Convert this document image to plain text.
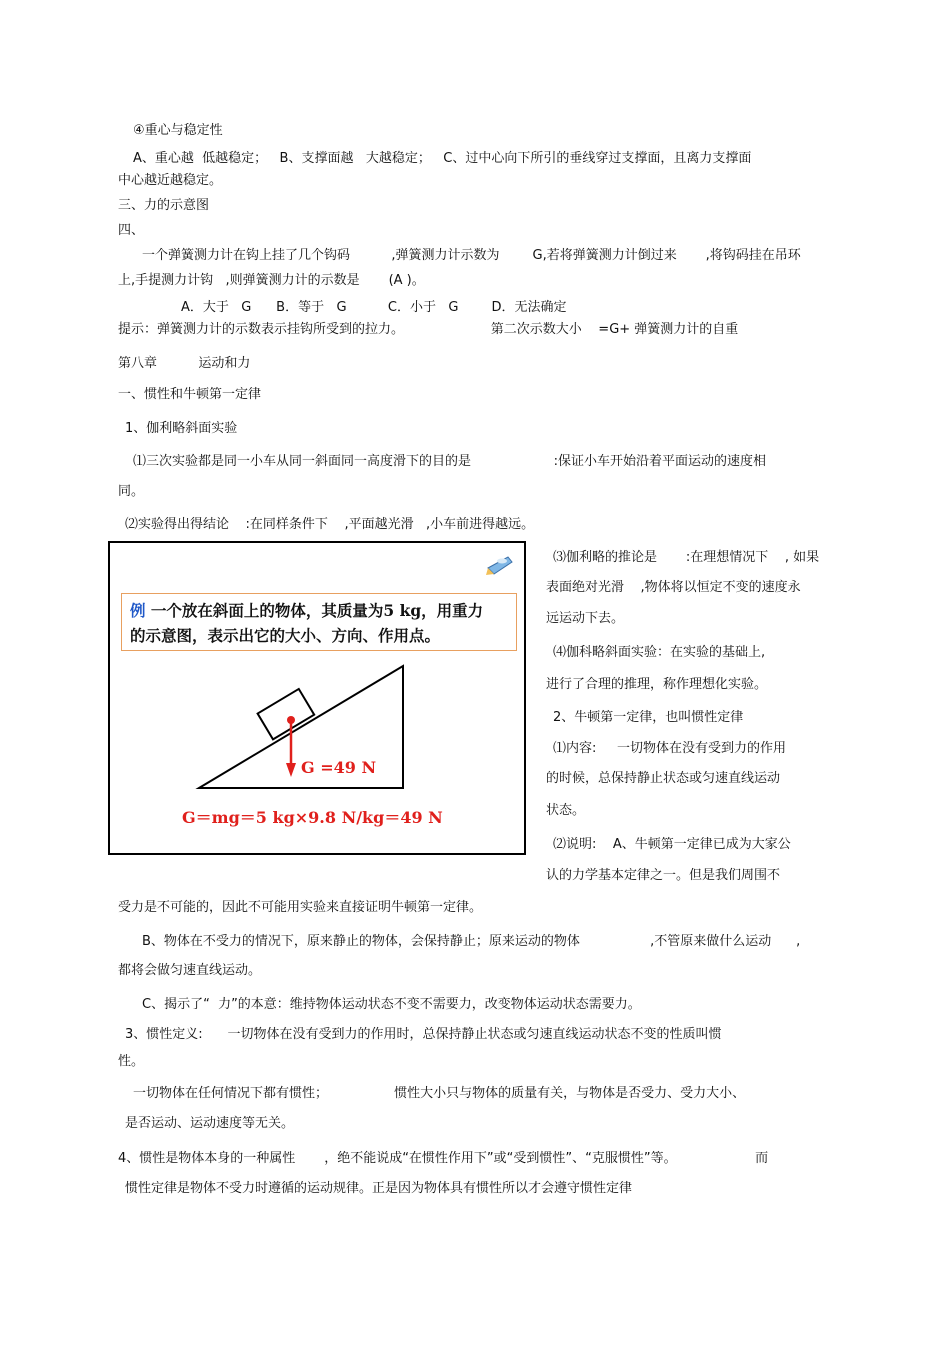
④重心与稳定性
A、重心越  低越稳定；   B、支撑面越   大越稳定；   C、过中心向下所引的垂线穿过支撑面，且离力支撑面
中心越近越稳定。
三、力的示意图
四、
一个弹簧测力计在钩上挂了几个钩码          ,弹簧测力计示数为        G,若将弹簧测力计倒过来       ,将钩码挂在吊环
上,手提测力计钩   ,则弹簧测力计的示数是       (A )。
A．大于   G      B．等于   G          C．小于   G        D．无法确定
提示：弹簧测力计的示数表示挂钩所受到的拉力。                     第二次示数大小    =G+ 弹簧测力计的自重
第八章          运动和力
一、惯性和牛顿第一定律
1、伽利略斜面实验
⑴三次实验都是同一小车从同一斜面同一高度滑下的目的是                    :保证小车开始沿着平面运动的速度相
同。
⑵实验得出得结论    :在同样条件下    ,平面越光滑   ,小车前进得越远。
例 一个放在斜面上的物体，其质量为5 kg，用重力
的示意图，表示出它的大小、方向、作用点。
G =49 N
G＝mg＝5 kg×9.8 N/kg＝49 N
⑶伽利略的推论是       :在理想情况下    , 如果
表面绝对光滑    ,物体将以恒定不变的速度永
远运动下去。
⑷伽科略斜面实验：在实验的基础上,
进行了合理的推理，称作理想化实验。
2、牛顿第一定律，也叫惯性定律
⑴内容:     一切物体在没有受到力的作用
的时候，总保持静止状态或匀速直线运动
状态。
⑵说明:    A、牛顿第一定律已成为大家公
认的力学基本定律之一。但是我们周围不
受力是不可能的，因此不可能用实验来直接证明牛顿第一定律。
B、物体在不受力的情况下，原来静止的物体，会保持静止；原来运动的物体                 ,不管原来做什么运动      ,
都将会做匀速直线运动。
C、揭示了“  力”的本意：维持物体运动状态不变不需要力，改变物体运动状态需要力。
3、惯性定义:      一切物体在没有受到力的作用时，总保持静止状态或匀速直线运动状态不变的性质叫惯
性。
一切物体在任何情况下都有惯性；                惯性大小只与物体的质量有关，与物体是否受力、受力大小、
是否运动、运动速度等无关。
4、惯性是物体本身的一种属性       ，绝不能说成“在惯性作用下”或“受到惯性”、“克服惯性”等。                   而
惯性定律是物体不受力时遵循的运动规律。正是因为物体具有惯性所以才会遵守惯性定律
